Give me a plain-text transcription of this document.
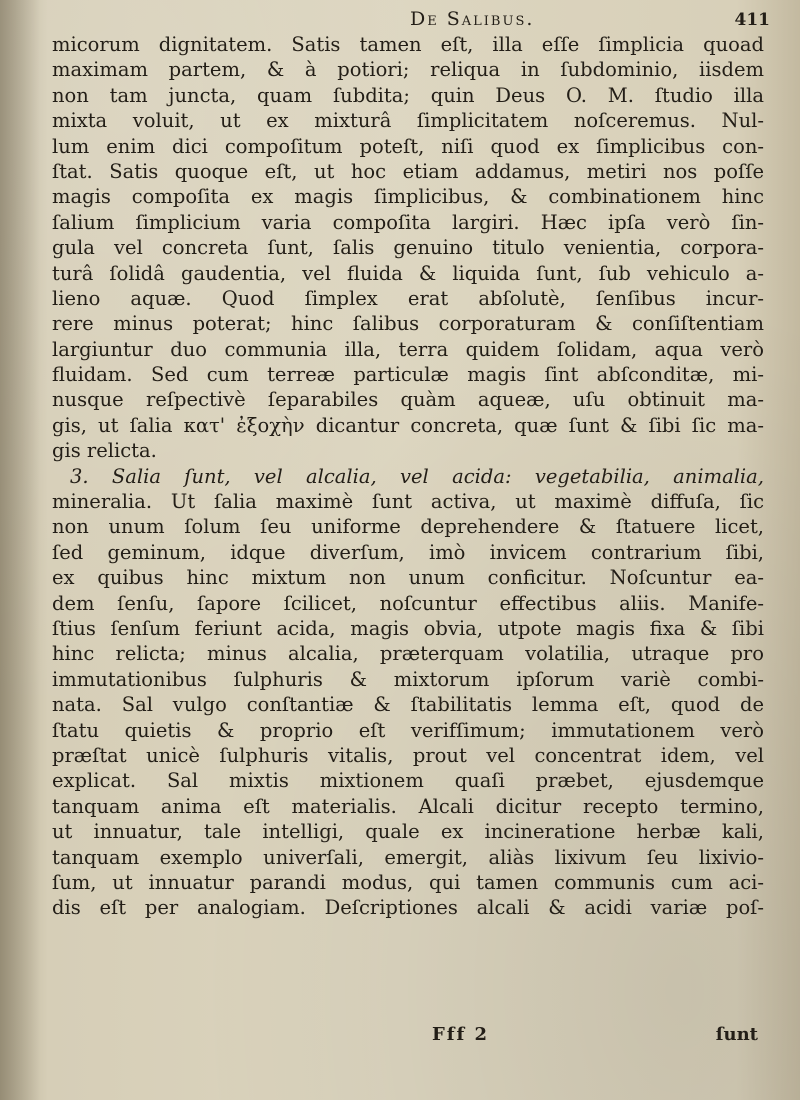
De Salibus.	411
micorum dignitatem. Satis tamen eſt, illa eſſe ſimplicia quoad
maximam partem, & à potiori; reliqua in ſubdominio, iisdem
non tam juncta, quam ſubdita; quin Deus O. M. ſtudio illa
mixta voluit, ut ex mixturâ ſimplicitatem noſceremus. Nul-
lum enim dici compoſitum poteſt, niſi quod ex ſimplicibus con-
ſtat. Satis quoque eſt, ut hoc etiam addamus, metiri nos poſſe
magis compoſita ex magis ſimplicibus, & combinationem hinc
ſalium ſimplicium varia compoſita largiri. Hæc ipſa verò ſin-
gula vel concreta ſunt, ſalis genuino titulo venientia, corpora-
turâ ſolidâ gaudentia, vel fluida & liquida ſunt, ſub vehiculo a-
lieno aquæ. Quod ſimplex erat abſolutè, ſenſibus incur-
rere minus poterat; hinc ſalibus corporaturam & conſiſtentiam
largiuntur duo communia illa, terra quidem ſolidam, aqua verò
fluidam. Sed cum terreæ particulæ magis ſint abſconditæ, mi-
nusque reſpectivè ſeparabiles quàm aqueæ, uſu obtinuit ma-
gis, ut ſalia κατ' ἐξοχὴν dicantur concreta, quæ ſunt & ſibi ſic ma-
gis relicta.
3. Salia ſunt, vel alcalia, vel acida: vegetabilia, animalia,
mineralia. Ut ſalia maximè ſunt activa, ut maximè diffuſa, ſic
non unum ſolum ſeu uniforme deprehendere & ſtatuere licet,
ſed geminum, idque diverſum, imò invicem contrarium ſibi,
ex quibus hinc mixtum non unum conficitur. Noſcuntur ea-
dem ſenſu, ſapore ſcilicet, noſcuntur effectibus aliis. Manife-
ſtius ſenſum feriunt acida, magis obvia, utpote magis fixa & ſibi
hinc relicta; minus alcalia, præterquam volatilia, utraque pro
immutationibus ſulphuris & mixtorum ipſorum variè combi-
nata. Sal vulgo conſtantiæ & ſtabilitatis lemma eſt, quod de
ſtatu quietis & proprio eſt verifſimum; immutationem verò
præſtat unicè ſulphuris vitalis, prout vel concentrat idem, vel
explicat. Sal mixtis mixtionem quaſi præbet, ejusdemque
tanquam anima eſt materialis. Alcali dicitur recepto termino,
ut innuatur, tale intelligi, quale ex incineratione herbæ kali,
tanquam exemplo univerſali, emergit, aliàs lixivum ſeu lixivio-
ſum, ut innuatur parandi modus, qui tamen communis cum aci-
dis eſt per analogiam. Deſcriptiones alcali & acidi variæ poſ-
Fff 2	ſunt
